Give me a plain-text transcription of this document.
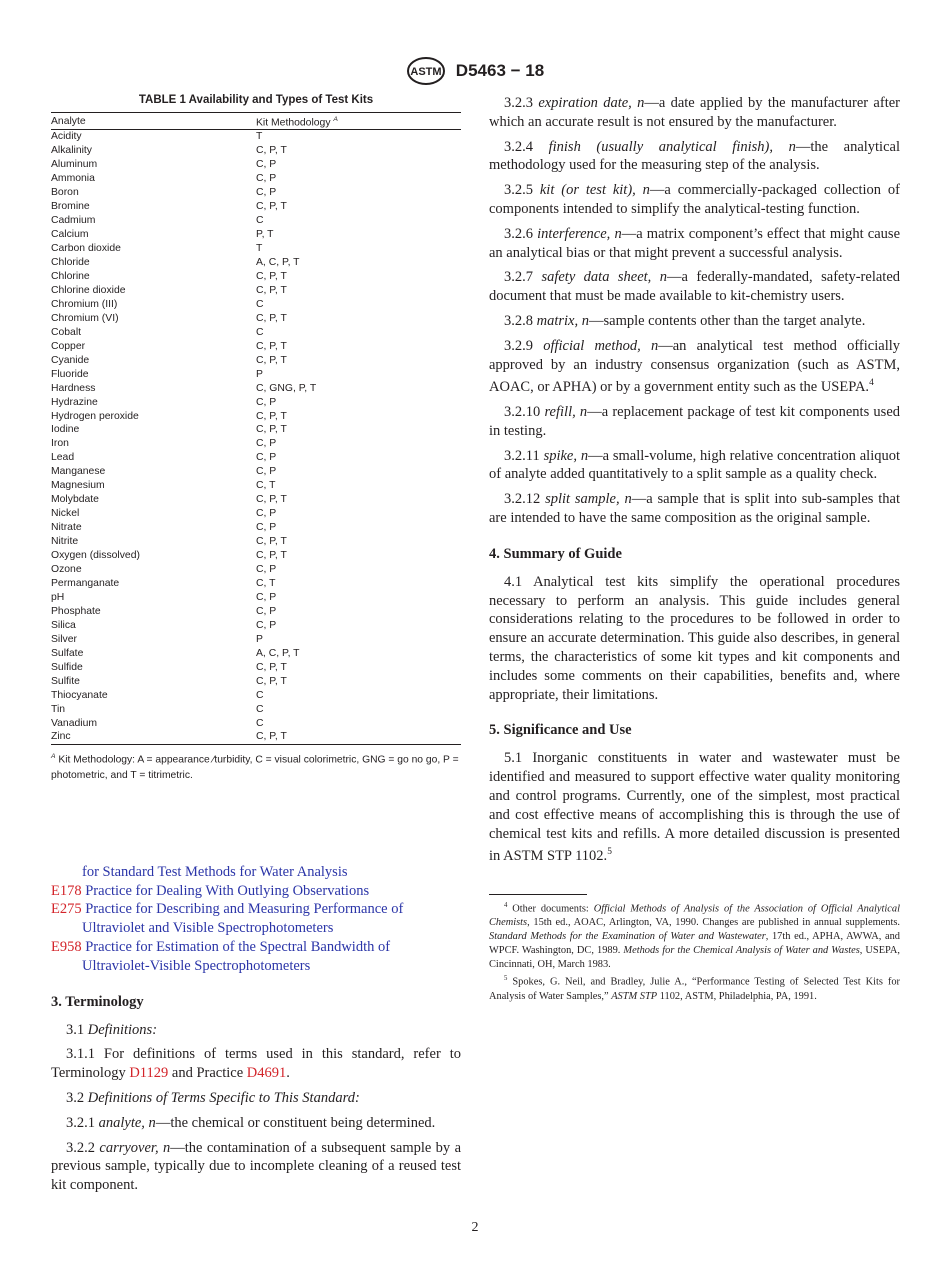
ASTM D5463 − 18
TABLE 1 Availability and Types of Test Kits
Analyte	Kit Methodology $^A$
Acidity	T
Alkalinity	C, P, T
Aluminum	C, P
Ammonia	C, P
Boron	C, P
Bromine	C, P, T
Cadmium	C
Calcium	P, T
Carbon dioxide	T
Chloride	A, C, P, T
Chlorine	C, P, T
Chlorine dioxide	C, P, T
Chromium (III)	C
Chromium (VI)	C, P, T
Cobalt	C
Copper	C, P, T
Cyanide	C, P, T
Fluoride	P
Hardness	C, GNG, P, T
Hydrazine	C, P
Hydrogen peroxide	C, P, T
Iodine	C, P, T
Iron	C, P
Lead	C, P
Manganese	C, P
Magnesium	C, T
Molybdate	C, P, T
Nickel	C, P
Nitrate	C, P
Nitrite	C, P, T
Oxygen (dissolved)	C, P, T
Ozone	C, P
Permanganate	C, T
pH	C, P
Phosphate	C, P
Silica	C, P
Silver	P
Sulfate	A, C, P, T
Sulfide	C, P, T
Sulfite	C, P, T
Thiocyanate	C
Tin	C
Vanadium	C
Zinc	C, P, T
$^A$ Kit Methodology: A = appearance ⁄turbidity, C = visual colorimetric, GNG = go no go, P = photometric, and T = titrimetric.
for Standard Test Methods for Water Analysis
E178 Practice for Dealing With Outlying Observations
E275 Practice for Describing and Measuring Performance of
Ultraviolet and Visible Spectrophotometers
E958 Practice for Estimation of the Spectral Bandwidth of
Ultraviolet-Visible Spectrophotometers
3. Terminology

3.1 Definitions:

3.1.1 For definitions of terms used in this standard, refer to Terminology D1129 and Practice D4691.

3.2 Definitions of Terms Specific to This Standard:

3.2.1 analyte, n—the chemical or constituent being determined.

3.2.2 carryover, n—the contamination of a subsequent sample by a previous sample, typically due to incomplete cleaning of a reused test kit component.

3.2.3 expiration date, n—a date applied by the manufacturer after which an accurate result is not ensured by the manufacturer.

3.2.4 finish (usually analytical finish), n—the analytical methodology used for the measuring step of the analysis.

3.2.5 kit (or test kit), n—a commercially-packaged collection of components intended to simplify the analytical-testing function.

3.2.6 interference, n—a matrix component’s effect that might cause an analytical bias or that might prevent a successful analysis.

3.2.7 safety data sheet, n—a federally-mandated, safety-related document that must be made available to kit-chemistry users.

3.2.8 matrix, n—sample contents other than the target analyte.

3.2.9 official method, n—an analytical test method officially approved by an industry consensus organization (such as ASTM, AOAC, or APHA) or by a government entity such as the USEPA.$^4$

3.2.10 refill, n—a replacement package of test kit components used in testing.

3.2.11 spike, n—a small-volume, high relative concentration aliquot of analyte added quantitatively to a split sample as a quality check.

3.2.12 split sample, n—a sample that is split into sub-samples that are intended to have the same composition as the original sample.

4. Summary of Guide

4.1 Analytical test kits simplify the operational procedures necessary to perform an analysis. This guide includes general considerations relating to the procedures to be followed in order to ensure an accurate determination. This guide also describes, in general terms, the characteristics of some kit types and kit components and includes some comments on their capabilities, benefits and, where appropriate, their limitations.

5. Significance and Use

5.1 Inorganic constituents in water and wastewater must be identified and measured to support effective water quality monitoring and control programs. Currently, one of the simplest, most practical and cost effective means of accomplishing this is through the use of chemical test kits and refills. A more detailed discussion is presented in ASTM STP 1102.$^5$

$^4$ Other documents: Official Methods of Analysis of the Association of Official Analytical Chemists, 15th ed., AOAC, Arlington, VA, 1990. Changes are published in annual supplements. Standard Methods for the Examination of Water and Wastewater, 17th ed., APHA, AWWA, and WPCF. Washington, DC, 1989. Methods for the Chemical Analysis of Water and Wastes, USEPA, Cincinnati, OH, March 1983.

$^5$ Spokes, G. Neil, and Bradley, Julie A., “Performance Testing of Selected Test Kits for Analysis of Water Samples,” ASTM STP 1102, ASTM, Philadelphia, PA, 1991.

2
